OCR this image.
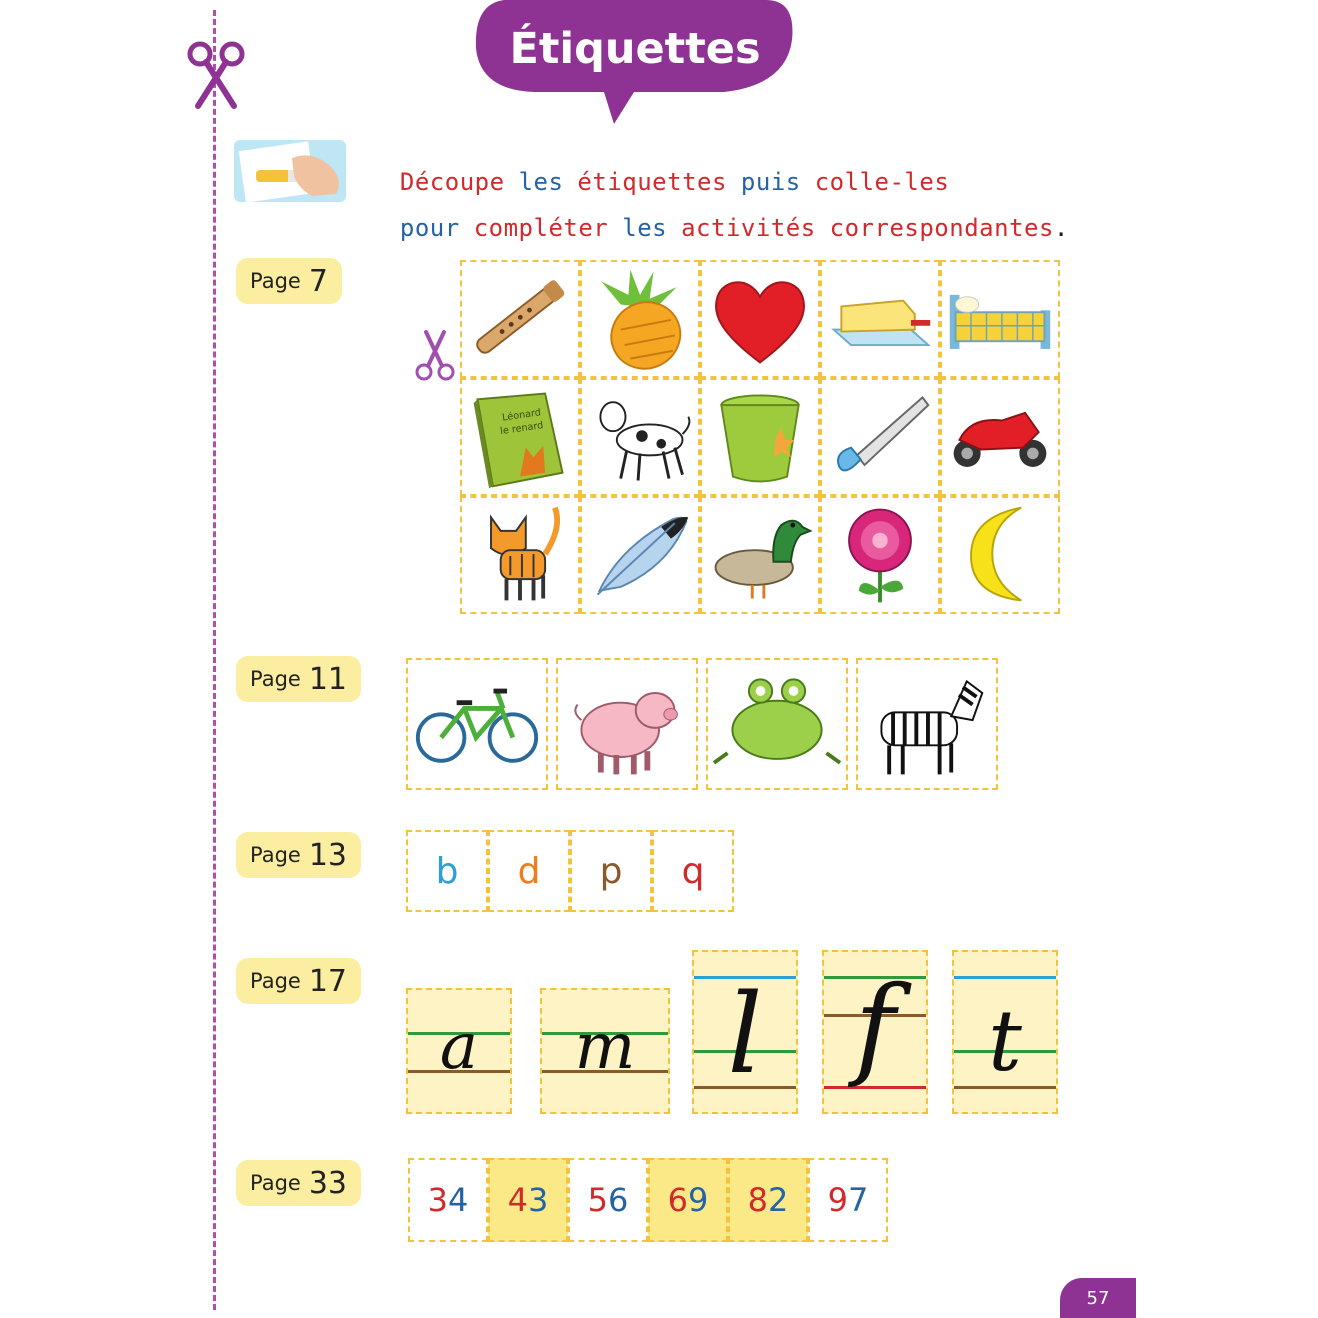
Étiquettes

Découpe les étiquettes puis colle-les

pour compléter les activités correspondantes.

Page 7
Léonard
le renard
Page 11
Page 13 b d p q
Page 17
a	m l f	t
Page 33	34 43 56 69 82 97
57
